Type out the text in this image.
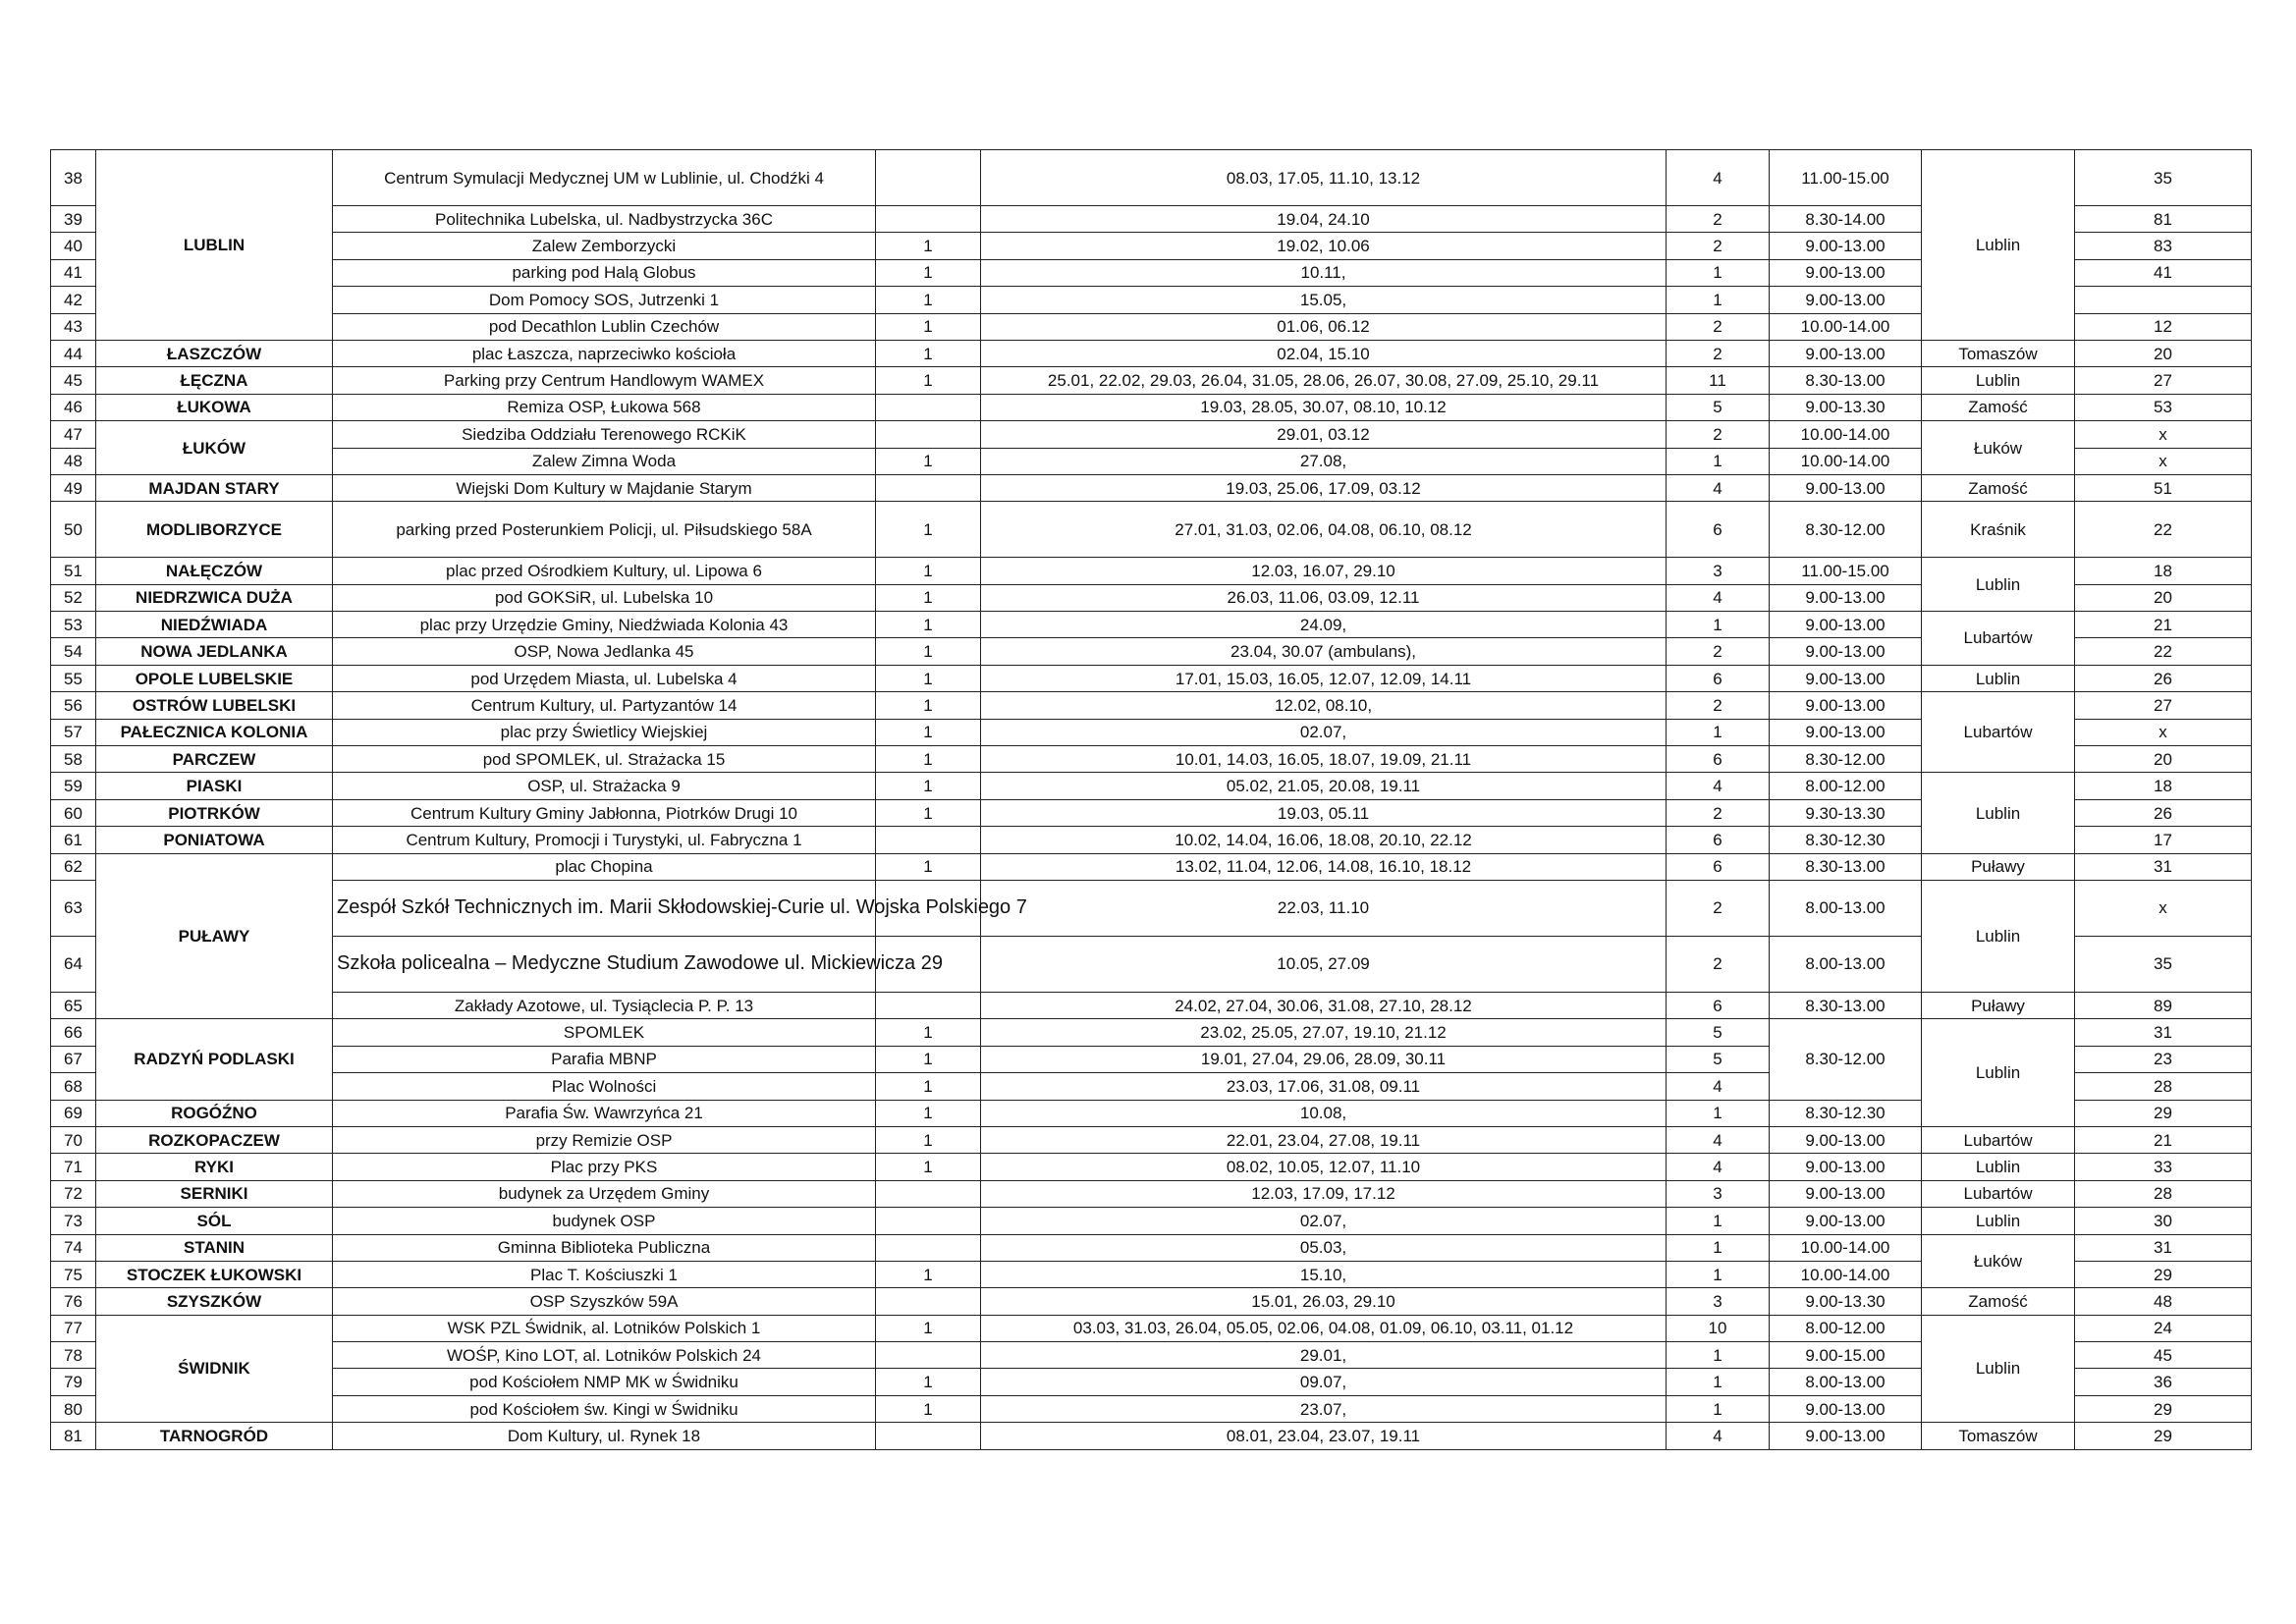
38	LUBLIN	Centrum Symulacji Medycznej UM w Lublinie, ul. Chodźki 4		08.03, 17.05, 11.10, 13.12	4	11.00-15.00	Lublin	35
39		Politechnika Lubelska, ul. Nadbystrzycka 36C		19.04, 24.10	2	8.30-14.00		81
40		Zalew Zemborzycki	1	19.02, 10.06	2	9.00-13.00		83
41		parking pod Halą Globus	1	10.11,	1	9.00-13.00		41
42		Dom Pomocy SOS, Jutrzenki 1	1	15.05,	1	9.00-13.00		
43		pod Decathlon Lublin Czechów	1	01.06, 06.12	2	10.00-14.00		12
44	ŁASZCZÓW	plac Łaszcza, naprzeciwko kościoła	1	02.04, 15.10	2	9.00-13.00	Tomaszów	20
45	ŁĘCZNA	Parking przy Centrum Handlowym WAMEX	1	25.01, 22.02, 29.03, 26.04, 31.05, 28.06, 26.07, 30.08, 27.09, 25.10, 29.11	11	8.30-13.00	Lublin	27
46	ŁUKOWA	Remiza OSP, Łukowa 568		19.03, 28.05, 30.07, 08.10, 10.12	5	9.00-13.30	Zamość	53
47	ŁUKÓW	Siedziba Oddziału Terenowego RCKiK		29.01, 03.12	2	10.00-14.00	Łuków	x
48		Zalew Zimna Woda	1	27.08,	1	10.00-14.00		x
49	MAJDAN STARY	Wiejski Dom Kultury w Majdanie Starym		19.03, 25.06, 17.09, 03.12	4	9.00-13.00	Zamość	51
50	MODLIBORZYCE	parking przed Posterunkiem Policji, ul. Piłsudskiego 58A	1	27.01, 31.03, 02.06, 04.08, 06.10, 08.12	6	8.30-12.00	Kraśnik	22
51	NAŁĘCZÓW	plac przed Ośrodkiem Kultury, ul. Lipowa 6	1	12.03, 16.07, 29.10	3	11.00-15.00	Lublin	18
52	NIEDRZWICA DUŻA	pod GOKSiR, ul. Lubelska 10	1	26.03, 11.06, 03.09, 12.11	4	9.00-13.00		20
53	NIEDŹWIADA	plac przy Urzędzie Gminy, Niedźwiada Kolonia 43	1	24.09,	1	9.00-13.00	Lubartów	21
54	NOWA JEDLANKA	OSP, Nowa Jedlanka 45	1	23.04, 30.07 (ambulans),	2	9.00-13.00		22
55	OPOLE LUBELSKIE	pod Urzędem Miasta, ul. Lubelska 4	1	17.01, 15.03, 16.05, 12.07, 12.09, 14.11	6	9.00-13.00	Lublin	26
56	OSTRÓW LUBELSKI	Centrum Kultury, ul. Partyzantów 14	1	12.02, 08.10,	2	9.00-13.00	Lubartów	27
57	PAŁECZNICA KOLONIA	plac przy Świetlicy Wiejskiej	1	02.07,	1	9.00-13.00		x
58	PARCZEW	pod SPOMLEK, ul. Strażacka 15	1	10.01, 14.03, 16.05, 18.07, 19.09, 21.11	6	8.30-12.00		20
59	PIASKI	OSP, ul. Strażacka 9	1	05.02, 21.05, 20.08, 19.11	4	8.00-12.00	Lublin	18
60	PIOTRKÓW	Centrum Kultury Gminy Jabłonna, Piotrków Drugi 10	1	19.03, 05.11	2	9.30-13.30		26
61	PONIATOWA	Centrum Kultury, Promocji i Turystyki, ul. Fabryczna 1		10.02, 14.04, 16.06, 18.08, 20.10, 22.12	6	8.30-12.30		17
62	PUŁAWY	plac Chopina	1	13.02, 11.04, 12.06, 14.08, 16.10, 18.12	6	8.30-13.00	Puławy	31
63		Zespół Szkół Technicznych im. Marii Skłodowskiej-Curie ul. Wojska Polskiego 7		22.03, 11.10	2	8.00-13.00	Lublin	x
64		Szkoła policealna – Medyczne Studium Zawodowe ul. Mickiewicza 29		10.05, 27.09	2	8.00-13.00		35
65		Zakłady Azotowe, ul. Tysiąclecia P. P. 13		24.02, 27.04, 30.06, 31.08, 27.10, 28.12	6	8.30-13.00	Puławy	89
66	RADZYŃ PODLASKI	SPOMLEK	1	23.02, 25.05, 27.07, 19.10, 21.12	5	8.30-12.00	Lublin	31
67		Parafia MBNP	1	19.01, 27.04, 29.06, 28.09, 30.11	5			23
68		Plac Wolności	1	23.03, 17.06, 31.08, 09.11	4			28
69	ROGÓŹNO	Parafia Św. Wawrzyńca 21	1	10.08,	1	8.30-12.30		29
70	ROZKOPACZEW	przy Remizie OSP	1	22.01, 23.04, 27.08, 19.11	4	9.00-13.00	Lubartów	21
71	RYKI	Plac przy PKS	1	08.02, 10.05, 12.07, 11.10	4	9.00-13.00	Lublin	33
72	SERNIKI	budynek za Urzędem Gminy		12.03, 17.09, 17.12	3	9.00-13.00	Lubartów	28
73	SÓL	budynek OSP		02.07,	1	9.00-13.00	Lublin	30
74	STANIN	Gminna Biblioteka Publiczna		05.03,	1	10.00-14.00	Łuków	31
75	STOCZEK ŁUKOWSKI	Plac T. Kościuszki 1	1	15.10,	1	10.00-14.00		29
76	SZYSZKÓW	OSP Szyszków 59A		15.01, 26.03, 29.10	3	9.00-13.30	Zamość	48
77	ŚWIDNIK	WSK PZL Świdnik, al. Lotników Polskich 1	1	03.03, 31.03, 26.04, 05.05, 02.06, 04.08, 01.09, 06.10, 03.11, 01.12	10	8.00-12.00	Lublin	24
78		WOŚP, Kino LOT, al. Lotników Polskich 24		29.01,	1	9.00-15.00		45
79		pod Kościołem NMP MK w Świdniku	1	09.07,	1	8.00-13.00		36
80		pod Kościołem św. Kingi w Świdniku	1	23.07,	1	9.00-13.00		29
81	TARNOGRÓD	Dom Kultury, ul. Rynek 18		08.01, 23.04, 23.07, 19.11	4	9.00-13.00	Tomaszów	29
